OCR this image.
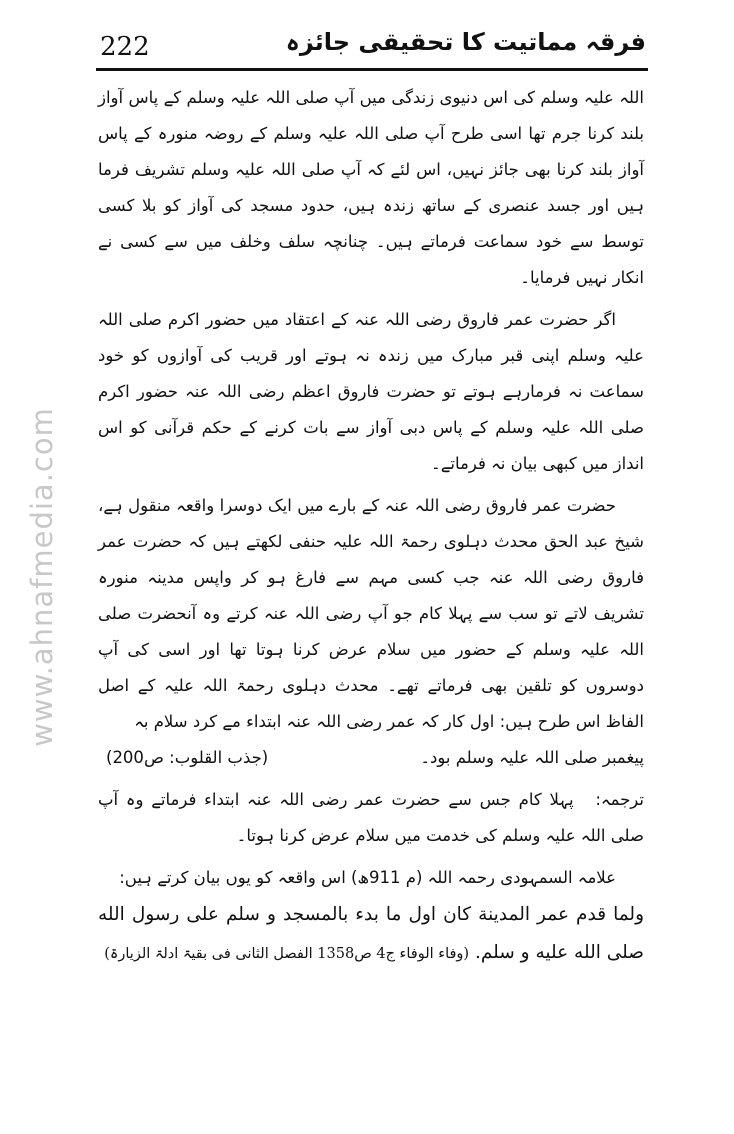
فرقہ مماتیت کا تحقیقی جائزہ
222
www.ahnafmedia.com

اللہ علیہ وسلم کی اس دنیوی زندگی میں آپ صلی اللہ علیہ وسلم کے پاس آواز بلند کرنا جرم تھا اسی طرح آپ صلی اللہ علیہ وسلم کے روضہ منورہ کے پاس آواز بلند کرنا بھی جائز نہیں، اس لئے کہ آپ صلی اللہ علیہ وسلم تشریف فرما ہیں اور جسد عنصری کے ساتھ زندہ ہیں، حدود مسجد کی آواز کو بلا کسی توسط سے خود سماعت فرماتے ہیں۔ چنانچہ سلف وخلف میں سے کسی نے انکار نہیں فرمایا۔

اگر حضرت عمر فاروق رضی اللہ عنہ کے اعتقاد میں حضور اکرم صلی اللہ علیہ وسلم اپنی قبر مبارک میں زندہ نہ ہوتے اور قریب کی آوازوں کو خود سماعت نہ فرمارہے ہوتے تو حضرت فاروق اعظم رضی اللہ عنہ حضور اکرم صلی اللہ علیہ وسلم کے پاس دبی آواز سے بات کرنے کے حکم قرآنی کو اس انداز میں کبھی بیان نہ فرماتے۔

حضرت عمر فاروق رضی اللہ عنہ کے بارے میں ایک دوسرا واقعہ منقول ہے، شیخ عبد الحق محدث دہلوی رحمۃ اللہ علیہ حنفی لکھتے ہیں کہ حضرت عمر فاروق رضی اللہ عنہ جب کسی مہم سے فارغ ہو کر واپس مدینہ منورہ تشریف لاتے تو سب سے پہلا کام جو آپ رضی اللہ عنہ کرتے وہ آنحضرت صلی اللہ علیہ وسلم کے حضور میں سلام عرض کرنا ہوتا تھا اور اسی کی آپ دوسروں کو تلقین بھی فرماتے تھے۔ محدث دہلوی رحمۃ اللہ علیہ کے اصل الفاظ اس طرح ہیں: اول کار کہ عمر رضی اللہ عنہ ابتداء مے کرد سلام بہ

پیغمبر صلی اللہ علیہ وسلم بود۔
(جذب القلوب: ص200)

ترجمہ: پہلا کام جس سے حضرت عمر رضی اللہ عنہ ابتداء فرماتے وہ آپ صلی اللہ علیہ وسلم کی خدمت میں سلام عرض کرنا ہوتا۔

علامہ السمہودی رحمہ اللہ (م 911ھ) اس واقعہ کو یوں بیان کرتے ہیں:

ولما قدم عمر المدينة كان اول ما بدء بالمسجد و سلم على رسول الله صلى الله عليه و سلم. (وفاء الوفاء ج4 ص1358 الفصل الثانی فی بقیۃ ادلۃ الزیارۃ)
